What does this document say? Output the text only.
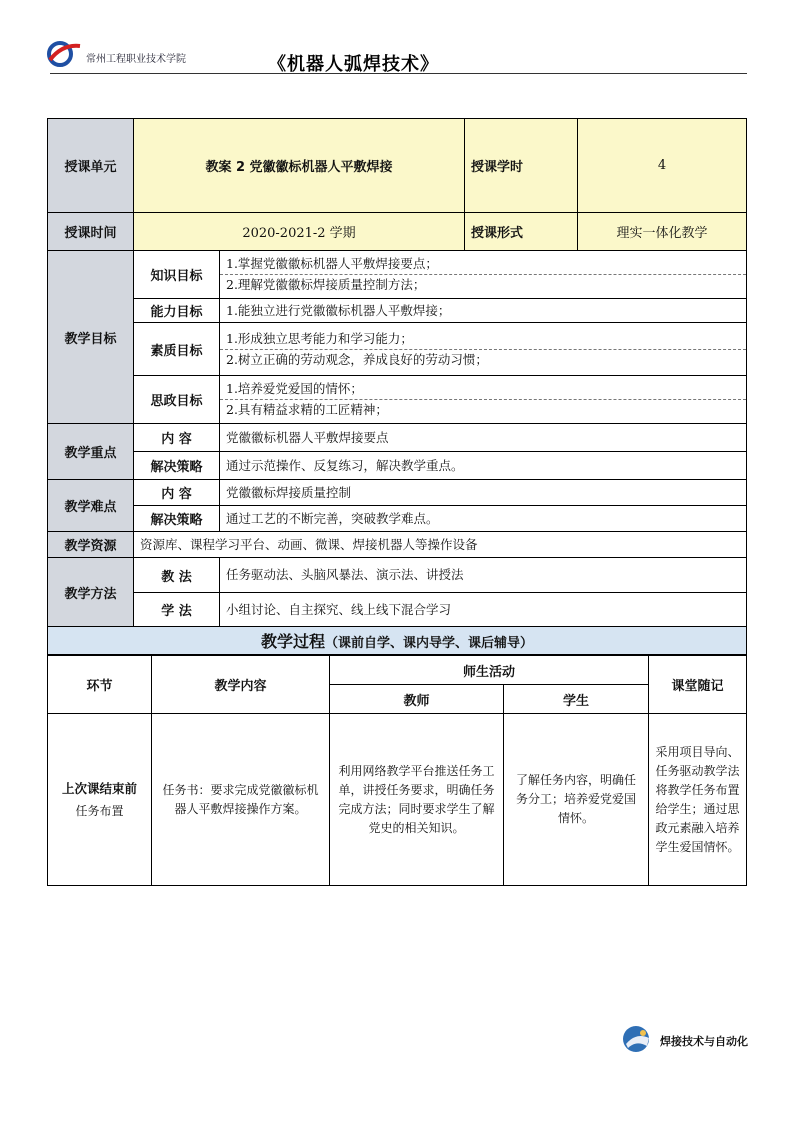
常州工程职业技术学院	《机器人弧焊技术》
授课单元	教案 2 党徽徽标机器人平敷焊接		授课学时	4
授课时间	2020-2021-2 学期		授课形式	理实一体化教学
教学目标	知识目标	1.掌握党徽徽标机器人平敷焊接要点；
2.理解党徽徽标焊接质量控制方法；		

	能力目标	1.能独立进行党徽徽标机器人平敷焊接；		
	素质目标	1.形成独立思考能力和学习能力；
2.树立正确的劳动观念，养成良好的劳动习惯；		

	思政目标	1.培养爱党爱国的情怀；
2.具有精益求精的工匠精神；		

教学重点	内 容	党徽徽标机器人平敷焊接要点		
	解决策略	通过示范操作、反复练习，解决教学重点。		
教学难点	内 容	党徽徽标焊接质量控制		
	解决策略	通过工艺的不断完善，突破教学难点。		
教学资源	资源库、课程学习平台、动画、微课、焊接机器人等操作设备			
教学方法	教 法	任务驱动法、头脑风暴法、演示法、讲授法		
	学 法	小组讨论、自主探究、线上线下混合学习		
教学过程（课前自学、课内导学、课后辅导）				
环节	教学内容	师生活动		课堂随记
		教师	学生	

上次课结束前
任务布置	任务书：要求完成党徽徽标机器人平敷焊接操作方案。	利用网络教学平台推送任务工单，讲授任务要求，明确任务完成方法；同时要求学生了解党史的相关知识。	了解任务内容，明确任务分工；培养爱党爱国情怀。	采用项目导向、任务驱动教学法将教学任务布置给学生；通过思政元素融入培养学生爱国情怀。
焊接技术与自动化
